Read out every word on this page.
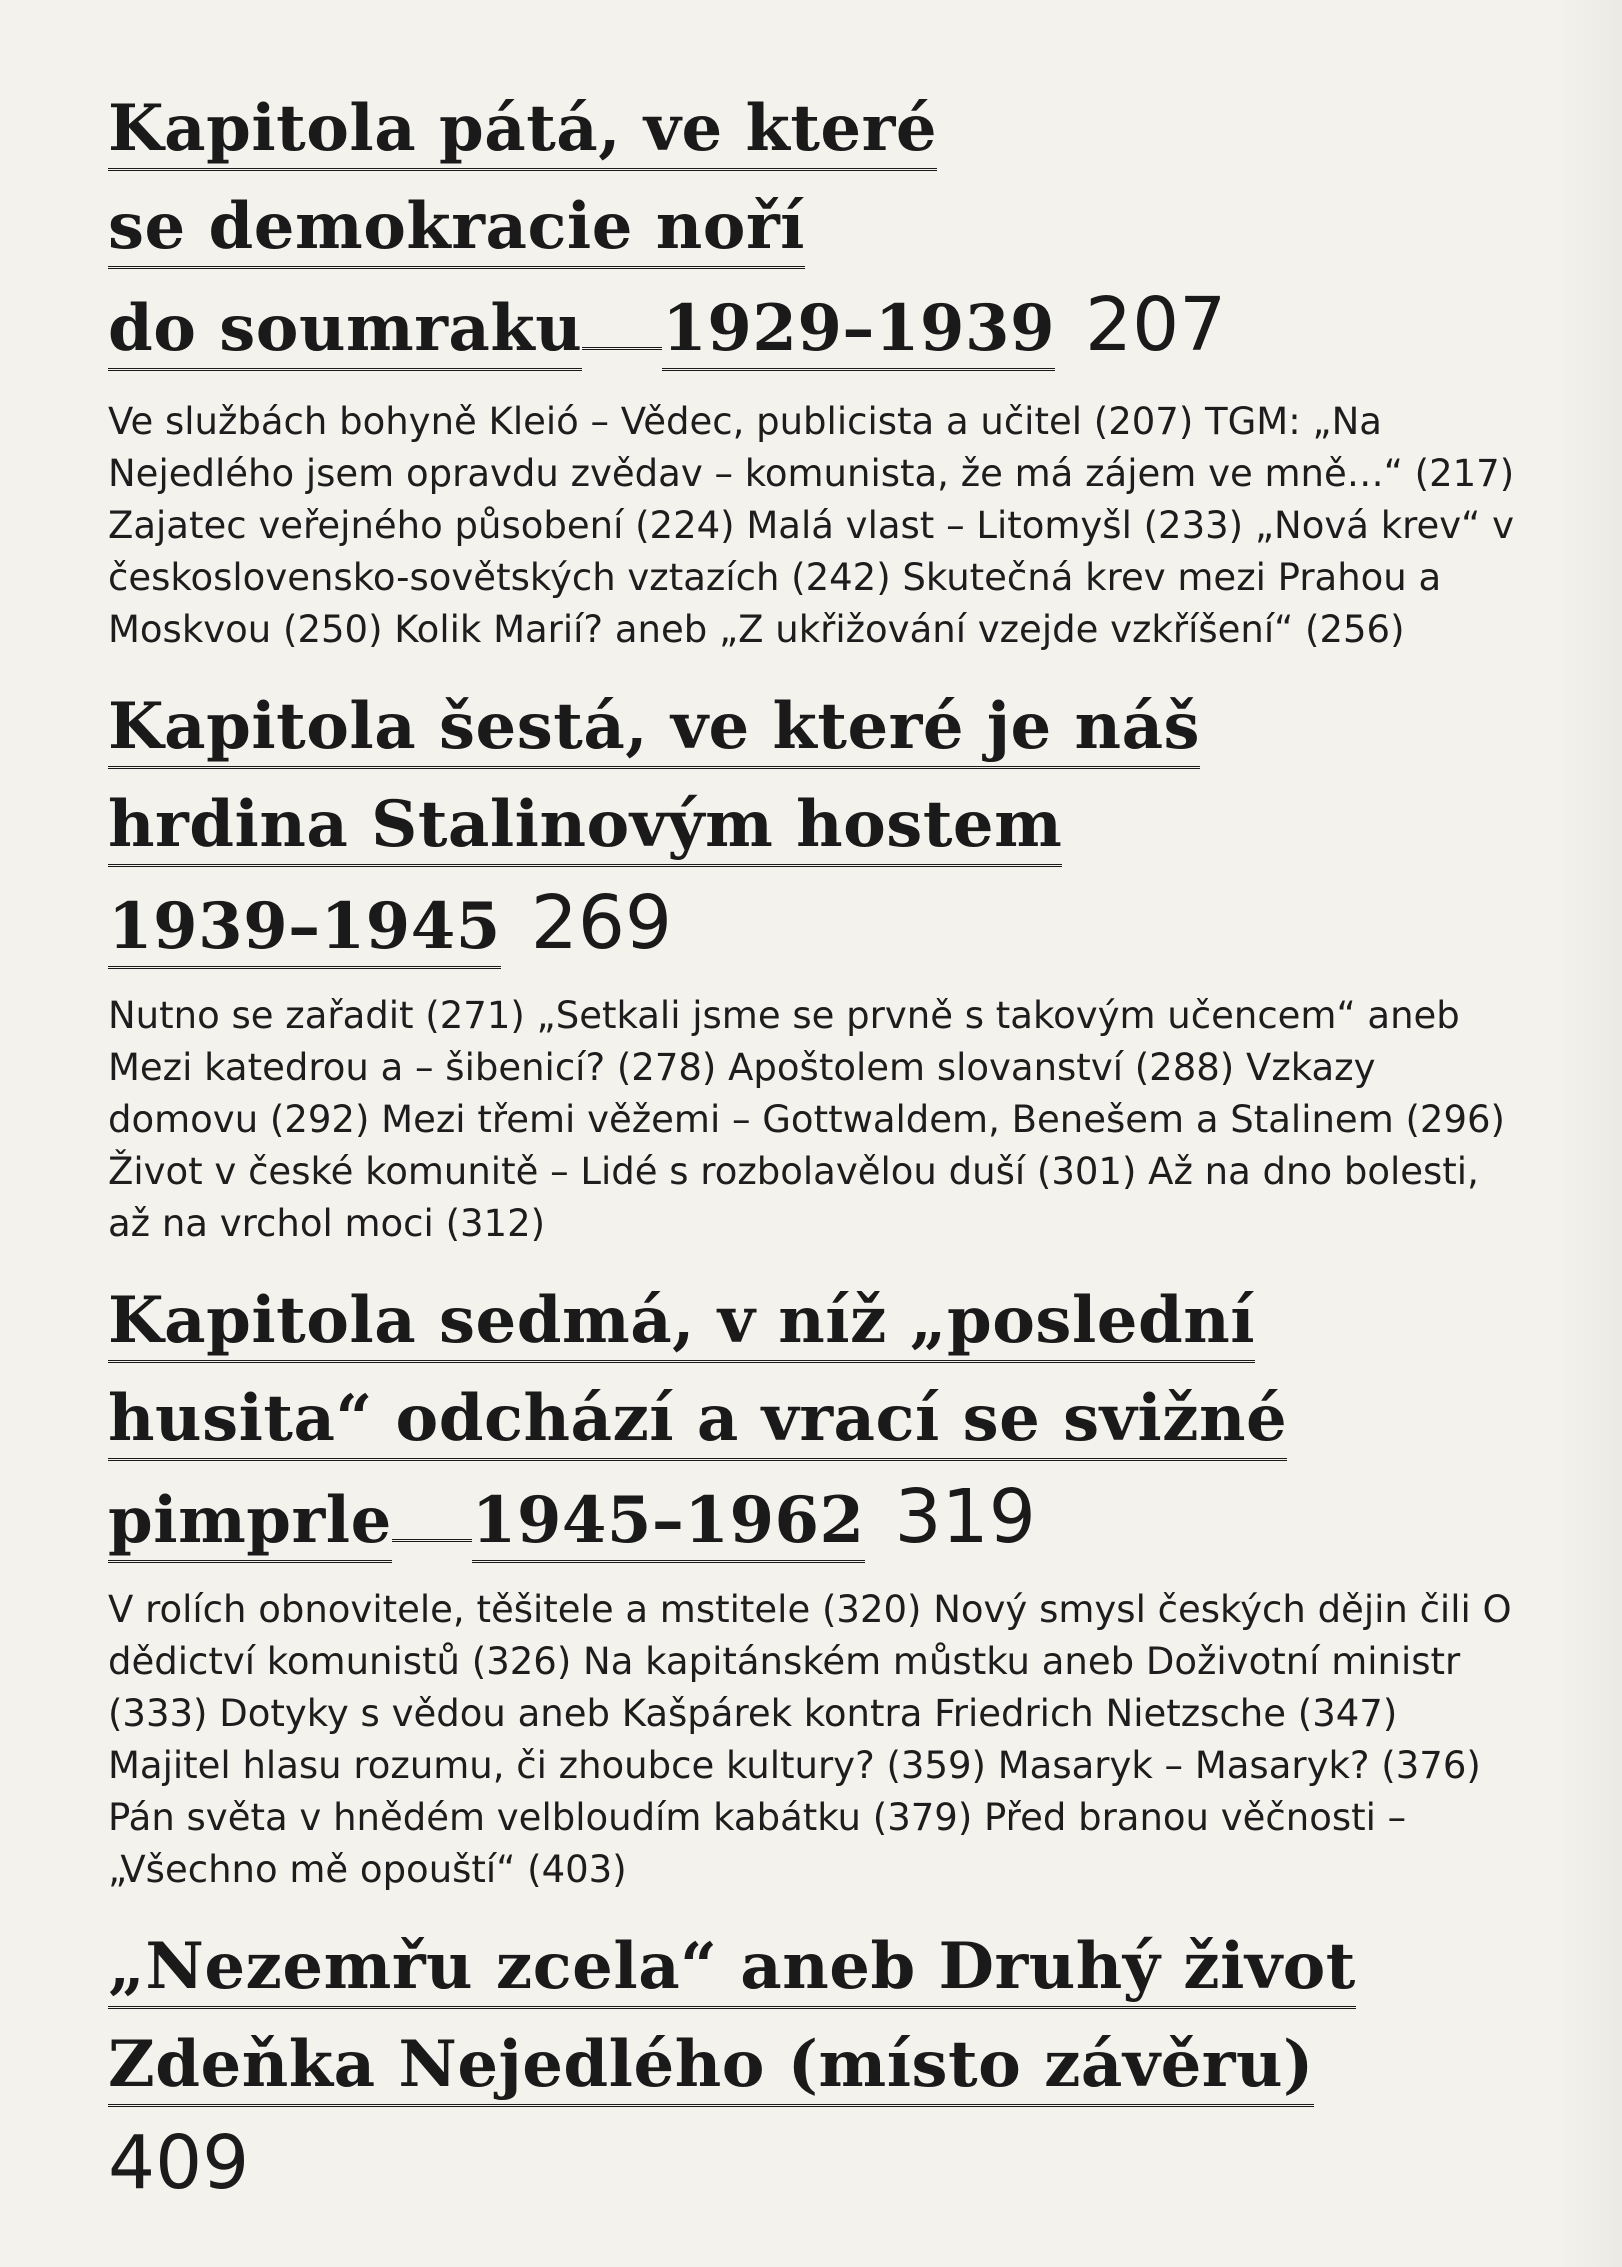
Kapitola pátá, ve které
se demokracie noří
do soumraku 1929–1939 207

Ve službách bohyně Kleió – Vědec, publicista a učitel (207) TGM: „Na Nejedlého jsem opravdu zvědav – komunista, že má zájem ve mně…“ (217) Zajatec veřejného působení (224) Malá vlast – Litomyšl (233) „Nová krev“ v československo-sovětských vztazích (242) Skutečná krev mezi Prahou a Moskvou (250) Kolik Marií? aneb „Z ukřižování vzejde vzkříšení“ (256)

Kapitola šestá, ve které je náš
hrdina Stalinovým hostem
1939–1945 269

Nutno se zařadit (271) „Setkali jsme se prvně s takovým učencem“ aneb Mezi katedrou a – šibenicí? (278) Apoštolem slovanství (288) Vzkazy domovu (292) Mezi třemi věžemi – Gottwaldem, Benešem a Stalinem (296) Život v české komunitě – Lidé s rozbolavělou duší (301) Až na dno bolesti, až na vrchol moci (312)

Kapitola sedmá, v níž „poslední
husita“ odchází a vrací se svižné
pimprle 1945–1962 319

V rolích obnovitele, těšitele a mstitele (320) Nový smysl českých dějin čili O dědictví komunistů (326) Na kapitánském můstku aneb Doživotní ministr (333) Dotyky s vědou aneb Kašpárek kontra Friedrich Nietzsche (347) Majitel hlasu rozumu, či zhoubce kultury? (359) Masaryk – Masaryk? (376) Pán světa v hnědém velbloudím kabátku (379) Před branou věčnosti – „Všechno mě opouští“ (403)

„Nezemřu zcela“ aneb Druhý život
Zdeňka Nejedlého (místo závěru)
409
